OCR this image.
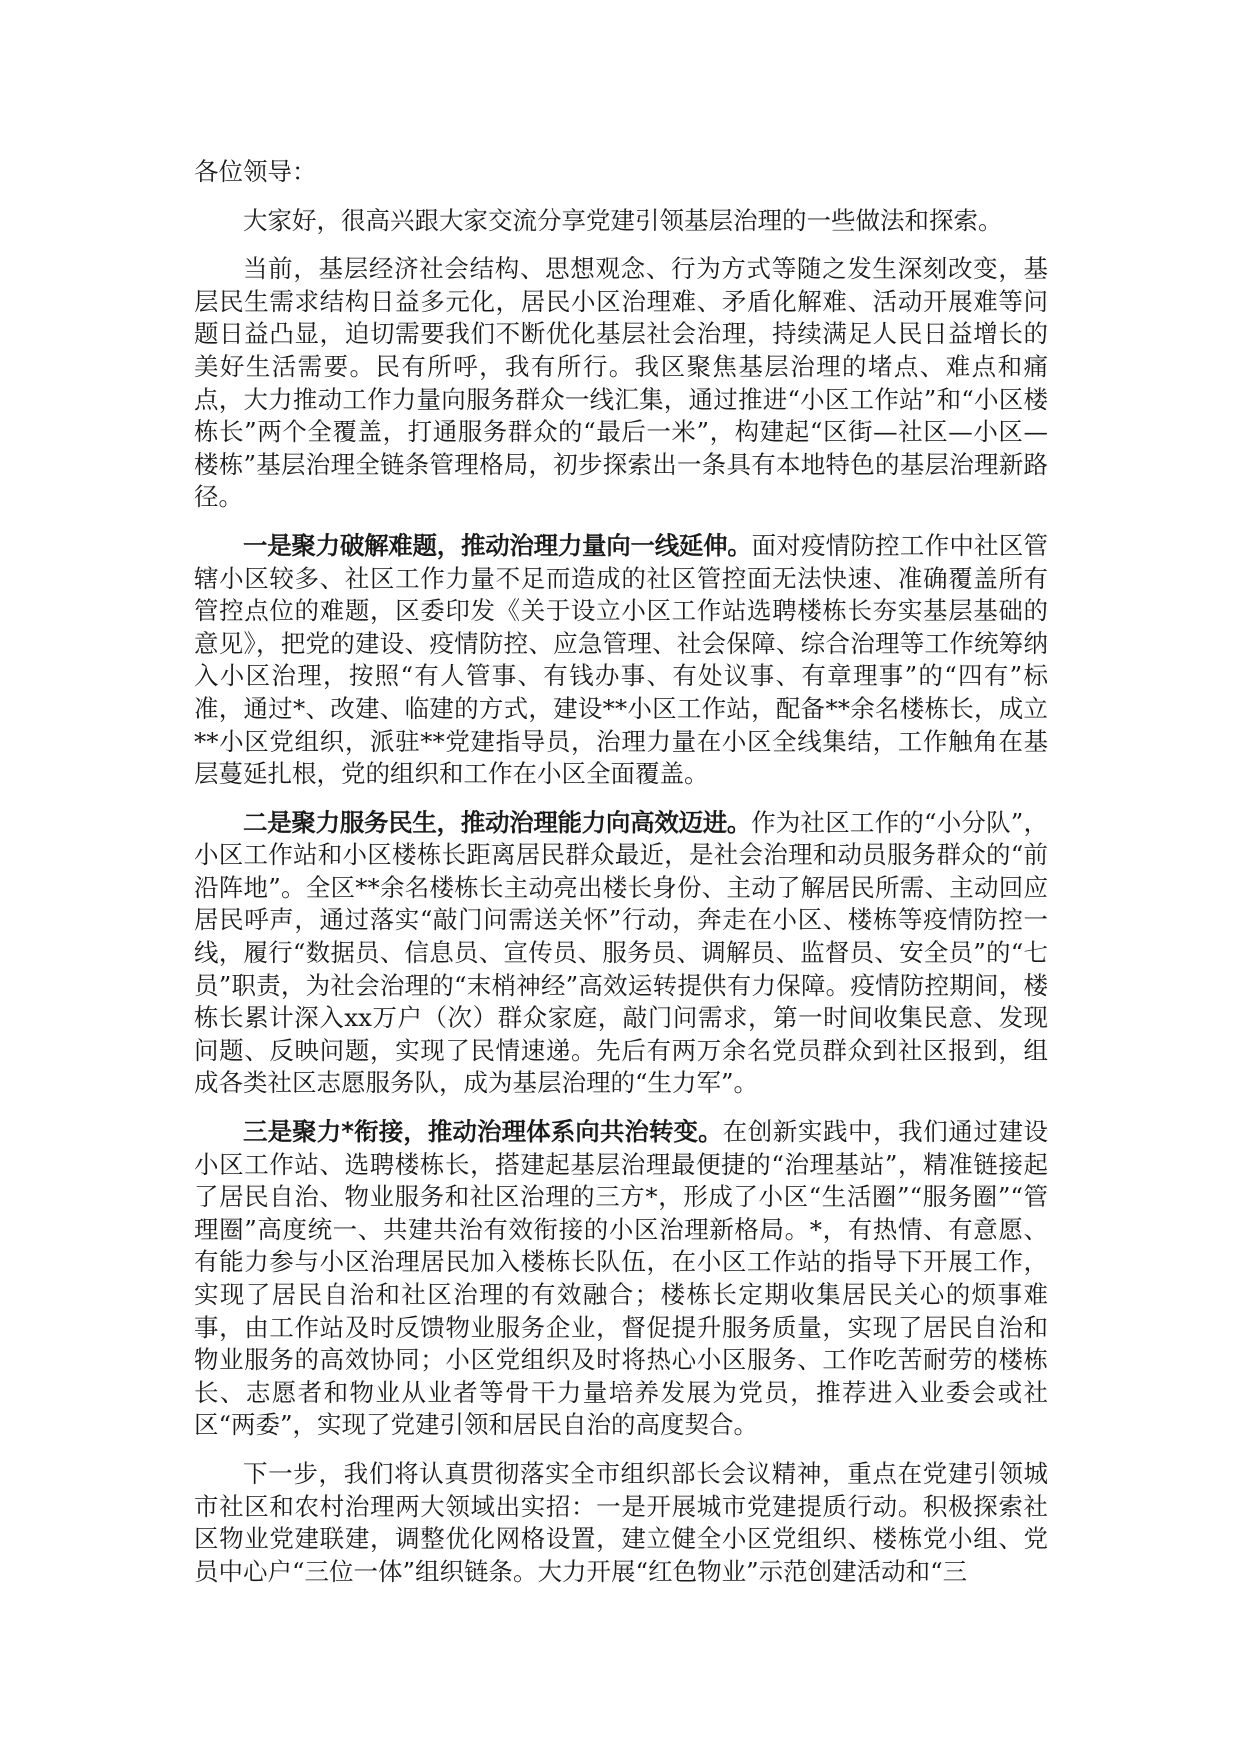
各位领导：

大家好，很高兴跟大家交流分享党建引领基层治理的一些做法和探索。

当前，基层经济社会结构、思想观念、行为方式等随之发生深刻改变，基层民生需求结构日益多元化，居民小区治理难、矛盾化解难、活动开展难等问题日益凸显，迫切需要我们不断优化基层社会治理，持续满足人民日益增长的美好生活需要。民有所呼，我有所行。我区聚焦基层治理的堵点、难点和痛点，大力推动工作力量向服务群众一线汇集，通过推进“小区工作站”和“小区楼栋长”两个全覆盖，打通服务群众的“最后一米”，构建起“区街—社区—小区—楼栋”基层治理全链条管理格局，初步探索出一条具有本地特色的基层治理新路径。

一是聚力破解难题，推动治理力量向一线延伸。面对疫情防控工作中社区管辖小区较多、社区工作力量不足而造成的社区管控面无法快速、准确覆盖所有管控点位的难题，区委印发《关于设立小区工作站选聘楼栋长夯实基层基础的意见》，把党的建设、疫情防控、应急管理、社会保障、综合治理等工作统筹纳入小区治理，按照“有人管事、有钱办事、有处议事、有章理事”的“四有”标准，通过*、改建、临建的方式，建设**小区工作站，配备**余名楼栋长，成立**小区党组织，派驻**党建指导员，治理力量在小区全线集结，工作触角在基层蔓延扎根，党的组织和工作在小区全面覆盖。

二是聚力服务民生，推动治理能力向高效迈进。作为社区工作的“小分队”，小区工作站和小区楼栋长距离居民群众最近，是社会治理和动员服务群众的“前沿阵地”。全区**余名楼栋长主动亮出楼长身份、主动了解居民所需、主动回应居民呼声，通过落实“敲门问需送关怀”行动，奔走在小区、楼栋等疫情防控一线，履行“数据员、信息员、宣传员、服务员、调解员、监督员、安全员”的“七员”职责，为社会治理的“末梢神经”高效运转提供有力保障。疫情防控期间，楼栋长累计深入xx万户（次）群众家庭，敲门问需求，第一时间收集民意、发现问题、反映问题，实现了民情速递。先后有两万余名党员群众到社区报到，组成各类社区志愿服务队，成为基层治理的“生力军”。

三是聚力*衔接，推动治理体系向共治转变。在创新实践中，我们通过建设小区工作站、选聘楼栋长，搭建起基层治理最便捷的“治理基站”，精准链接起了居民自治、物业服务和社区治理的三方*，形成了小区“生活圈”“服务圈”“管理圈”高度统一、共建共治有效衔接的小区治理新格局。*，有热情、有意愿、有能力参与小区治理居民加入楼栋长队伍，在小区工作站的指导下开展工作，实现了居民自治和社区治理的有效融合；楼栋长定期收集居民关心的烦事难事，由工作站及时反馈物业服务企业，督促提升服务质量，实现了居民自治和物业服务的高效协同；小区党组织及时将热心小区服务、工作吃苦耐劳的楼栋长、志愿者和物业从业者等骨干力量培养发展为党员，推荐进入业委会或社区“两委”，实现了党建引领和居民自治的高度契合。

下一步，我们将认真贯彻落实全市组织部长会议精神，重点在党建引领城市社区和农村治理两大领域出实招：一是开展城市党建提质行动。积极探索社区物业党建联建，调整优化网格设置，建立健全小区党组织、楼栋党小组、党员中心户“三位一体”组织链条。大力开展“红色物业”示范创建活动和“三
